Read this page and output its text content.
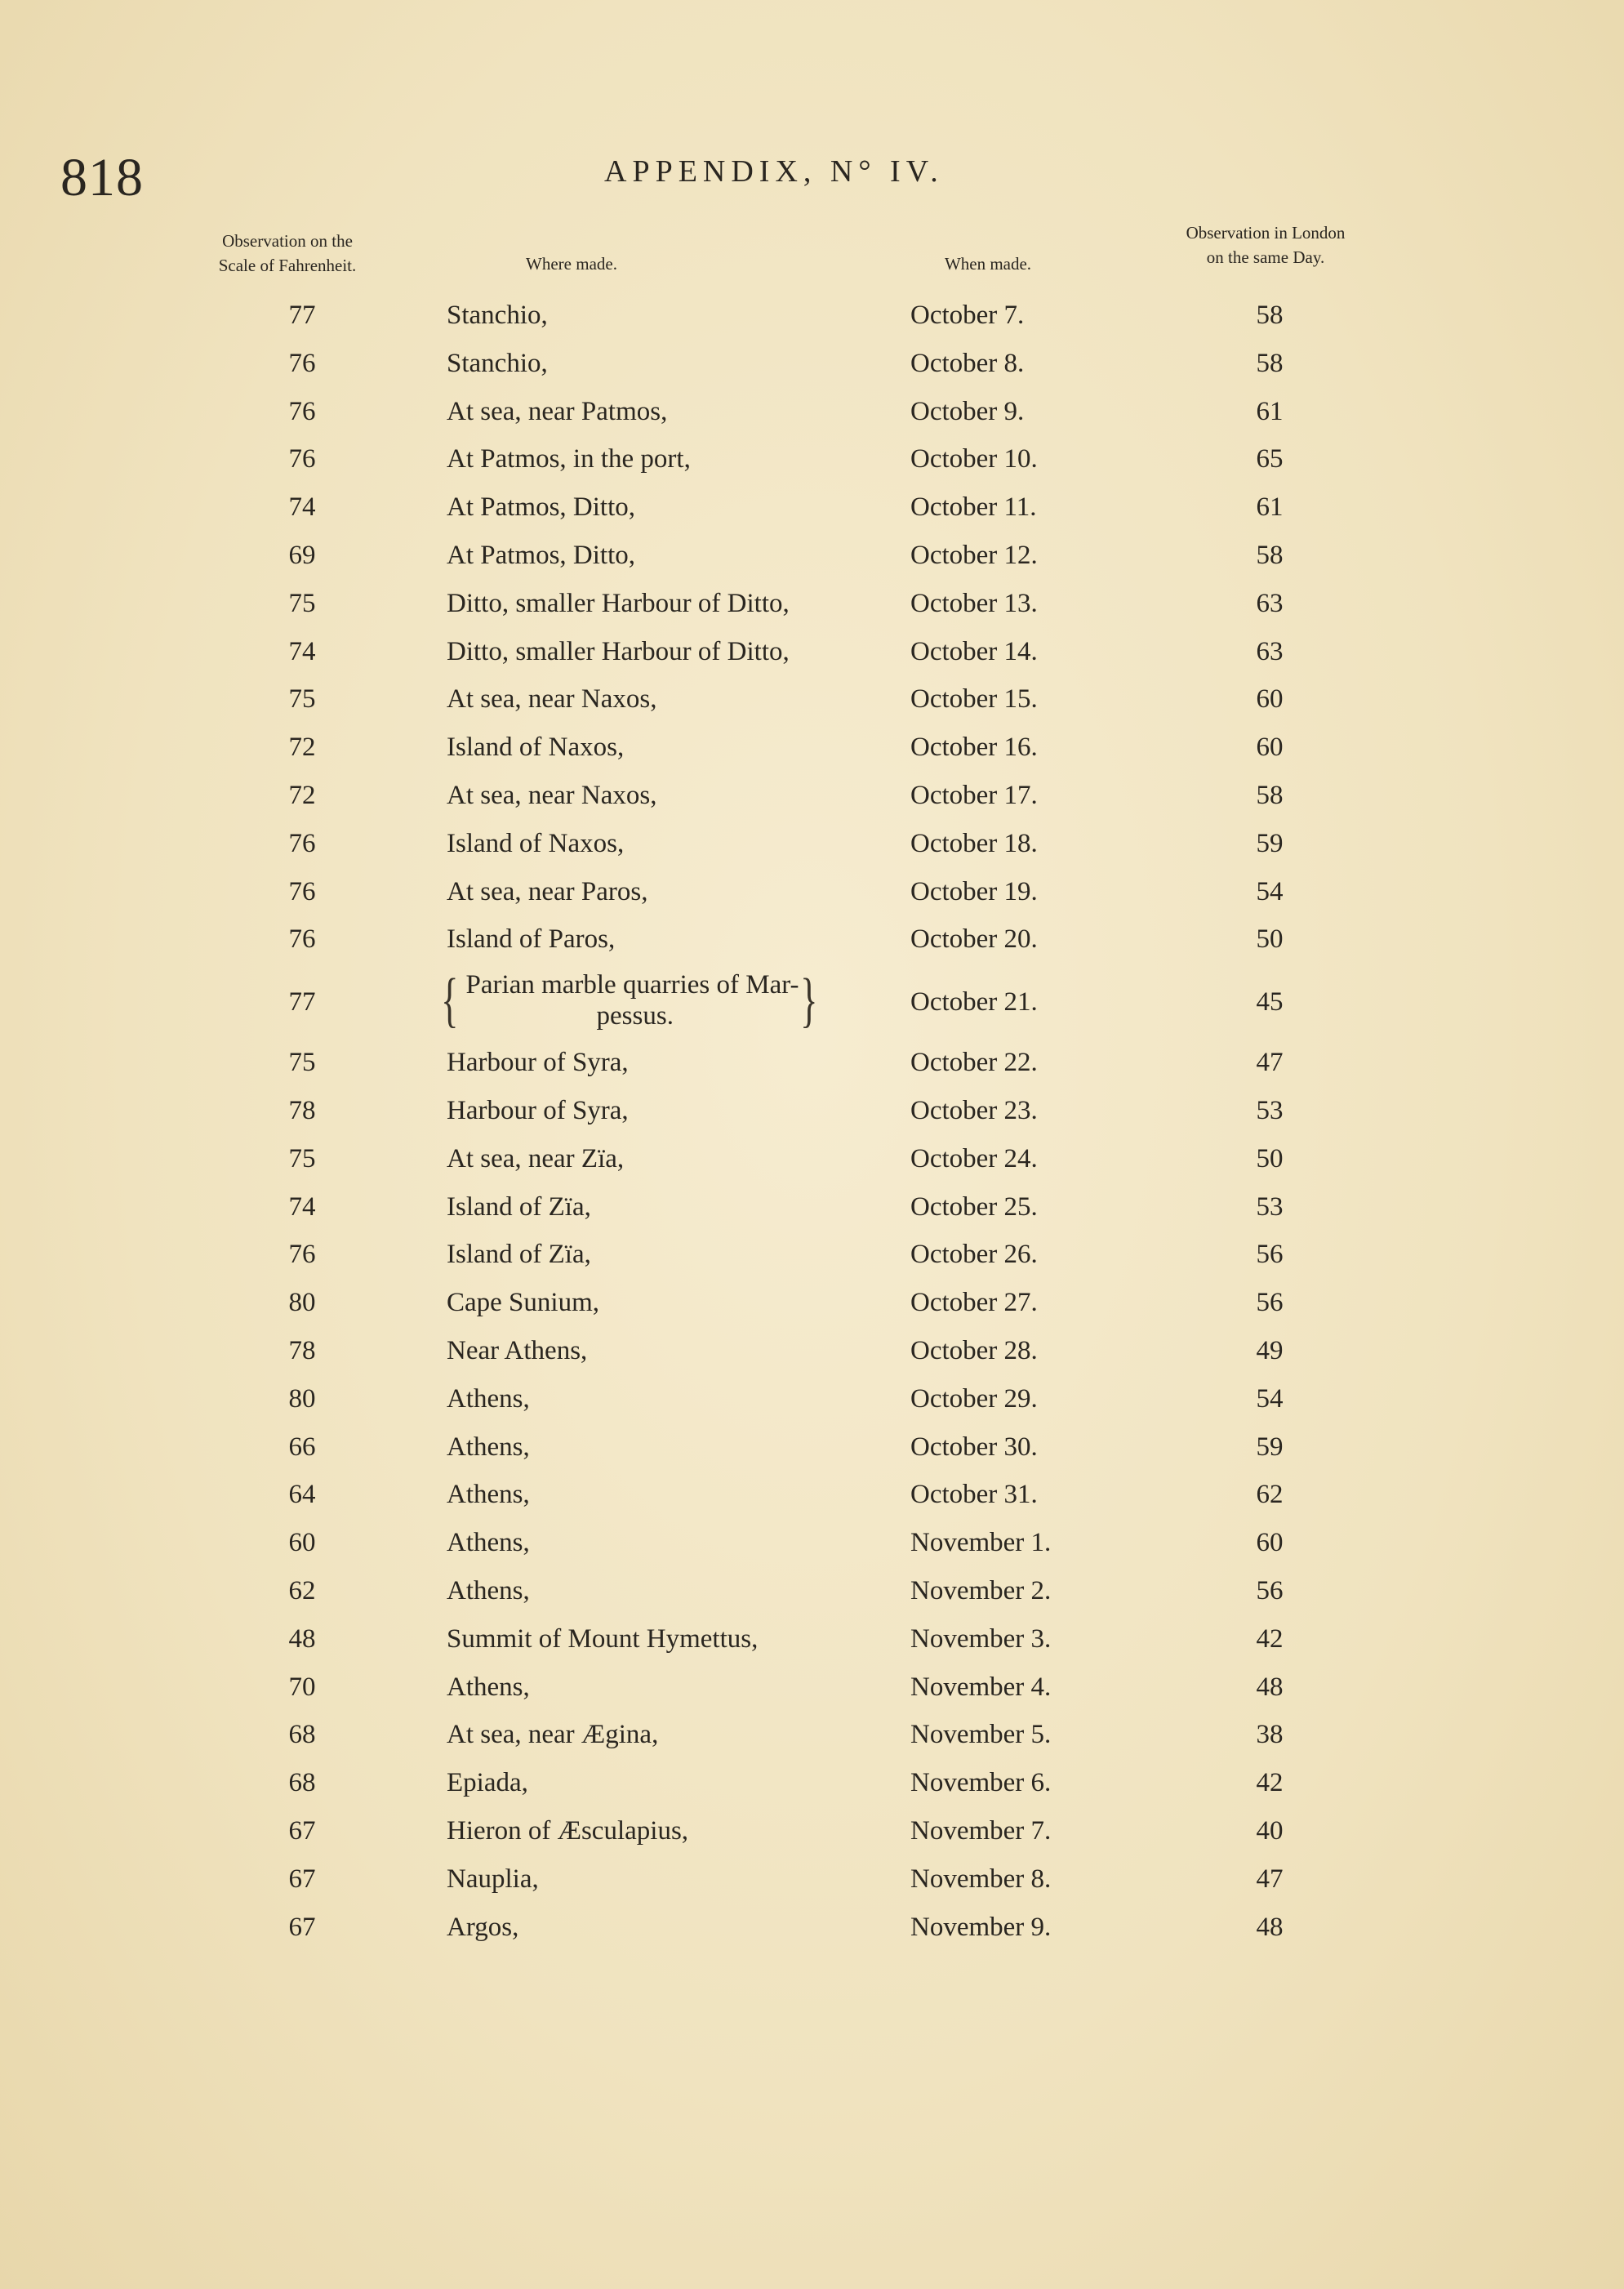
818	APPENDIX, N° IV.
Observation on the
Scale of Fahrenheit.	Where made.	When made.
Observation in London
on the same Day.
77	Stanchio,	October 7.	58
76	Stanchio,	October 8.	58
76	At sea, near Patmos,	October 9.	61
76	At Patmos, in the port,	October 10.	65
74	At Patmos, Ditto,	October 11.	61
69	At Patmos, Ditto,	October 12.	58
75	Ditto, smaller Harbour of Ditto,	October 13.	63
74	Ditto, smaller Harbour of Ditto,	October 14.	63
75	At sea, near Naxos,	October 15.	60
72	Island of Naxos,	October 16.	60
72	At sea, near Naxos,	October 17.	58
76	Island of Naxos,	October 18.	59
76	At sea, near Paros,	October 19.	54
76	Island of Paros,	October 20.	50
77	{ Parian marble quarries of Mar-
pessus.	}	October 21.	45
75	Harbour of Syra,	October 22.	47
78	Harbour of Syra,	October 23.	53
75	At sea, near Zïa,	October 24.	50
74	Island of Zïa,	October 25.	53
76	Island of Zïa,	October 26.	56
80	Cape Sunium,	October 27.	56
78	Near Athens,	October 28.	49
80	Athens,	October 29.	54
66	Athens,	October 30.	59
64	Athens,	October 31.	62
60	Athens,	November 1.	60
62	Athens,	November 2.	56
48	Summit of Mount Hymettus,	November 3.	42
70	Athens,	November 4.	48
68	At sea, near Ægina,	November 5.	38
68	Epiada,	November 6.	42
67	Hieron of Æsculapius,	November 7.	40
67	Nauplia,	November 8.	47
67	Argos,	November 9.	48
